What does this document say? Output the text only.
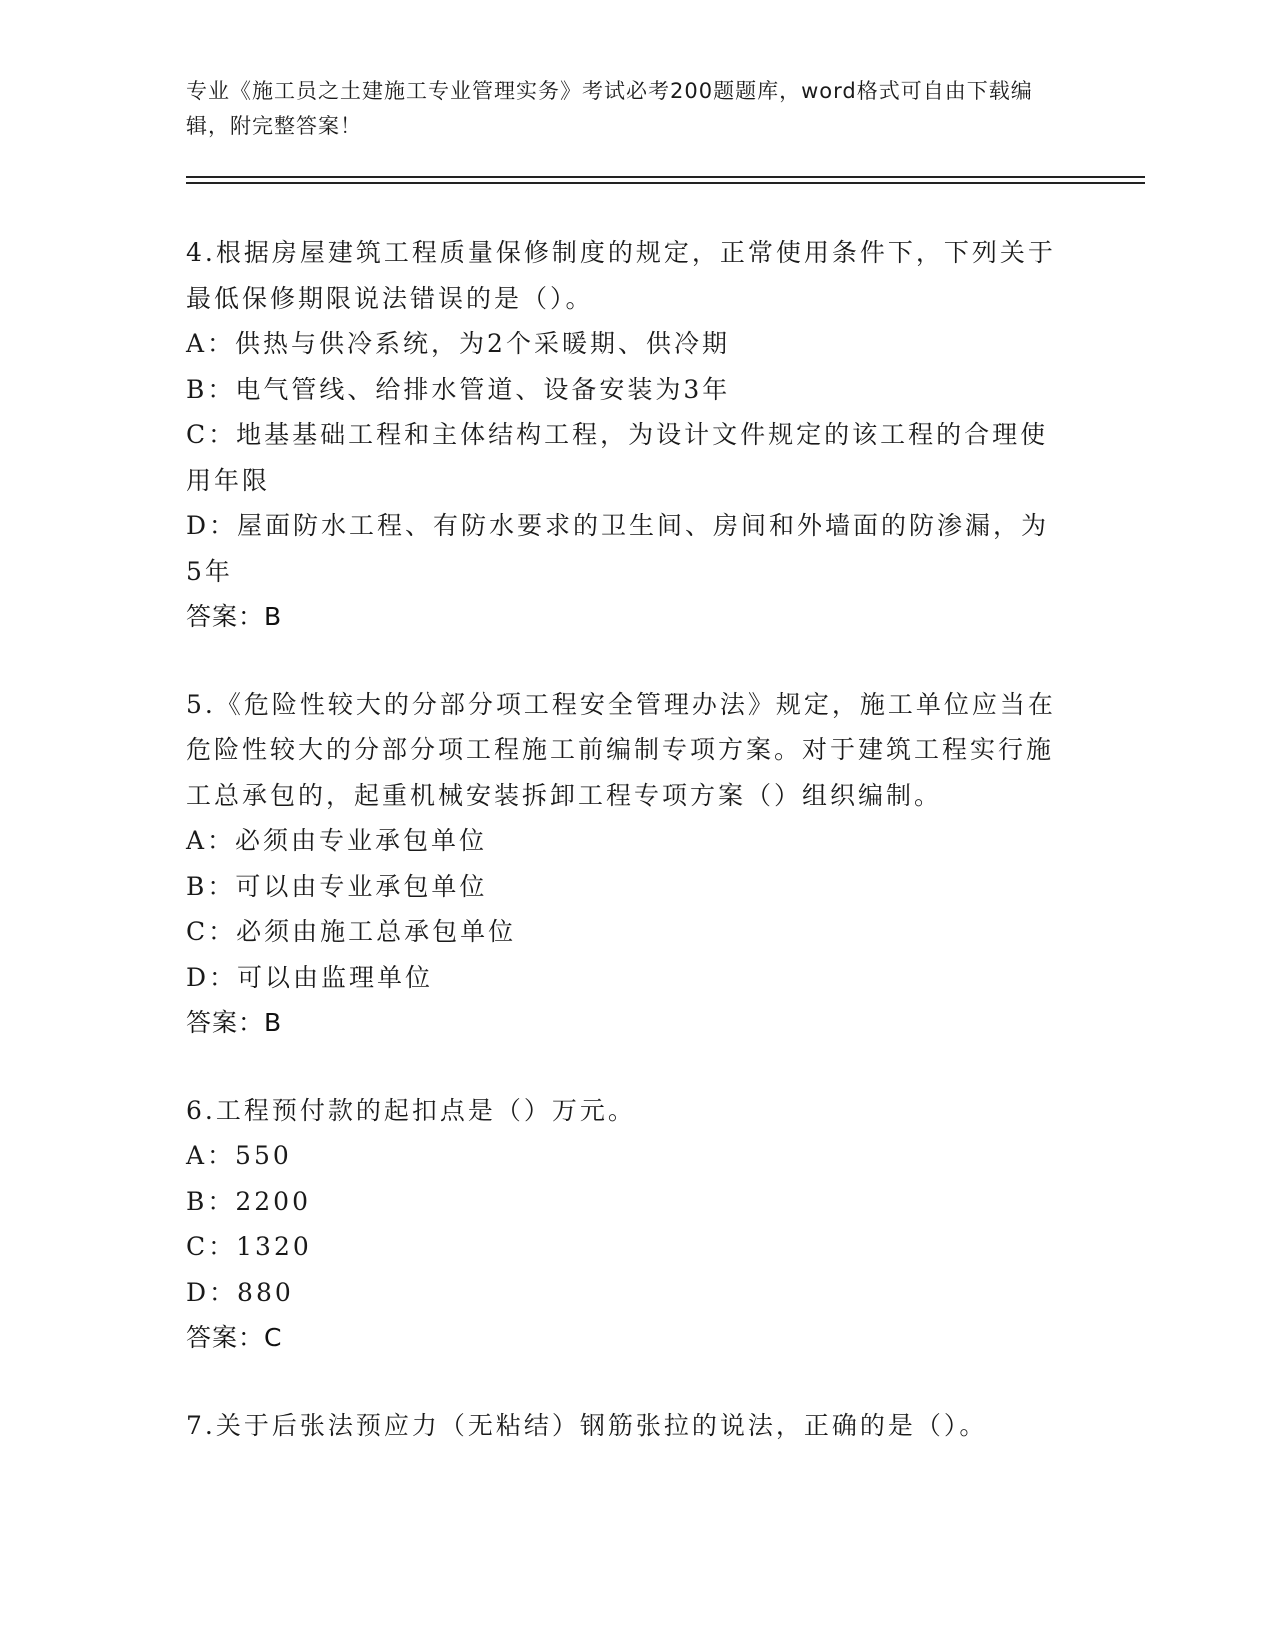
专业《施工员之土建施工专业管理实务》考试必考200题题库，word格式可自由下载编辑，附完整答案！

4.根据房屋建筑工程质量保修制度的规定，正常使用条件下，下列关于最低保修期限说法错误的是（）。

A：供热与供冷系统，为2个采暖期、供冷期

B：电气管线、给排水管道、设备安装为3年

C：地基基础工程和主体结构工程，为设计文件规定的该工程的合理使用年限

D：屋面防水工程、有防水要求的卫生间、房间和外墙面的防渗漏，为5年

答案：B

5.《危险性较大的分部分项工程安全管理办法》规定，施工单位应当在危险性较大的分部分项工程施工前编制专项方案。对于建筑工程实行施工总承包的，起重机械安装拆卸工程专项方案（）组织编制。

A：必须由专业承包单位

B：可以由专业承包单位

C：必须由施工总承包单位

D：可以由监理单位

答案：B

6.工程预付款的起扣点是（）万元。

A：550

B：2200

C：1320

D：880

答案：C

7.关于后张法预应力（无粘结）钢筋张拉的说法，正确的是（）。
